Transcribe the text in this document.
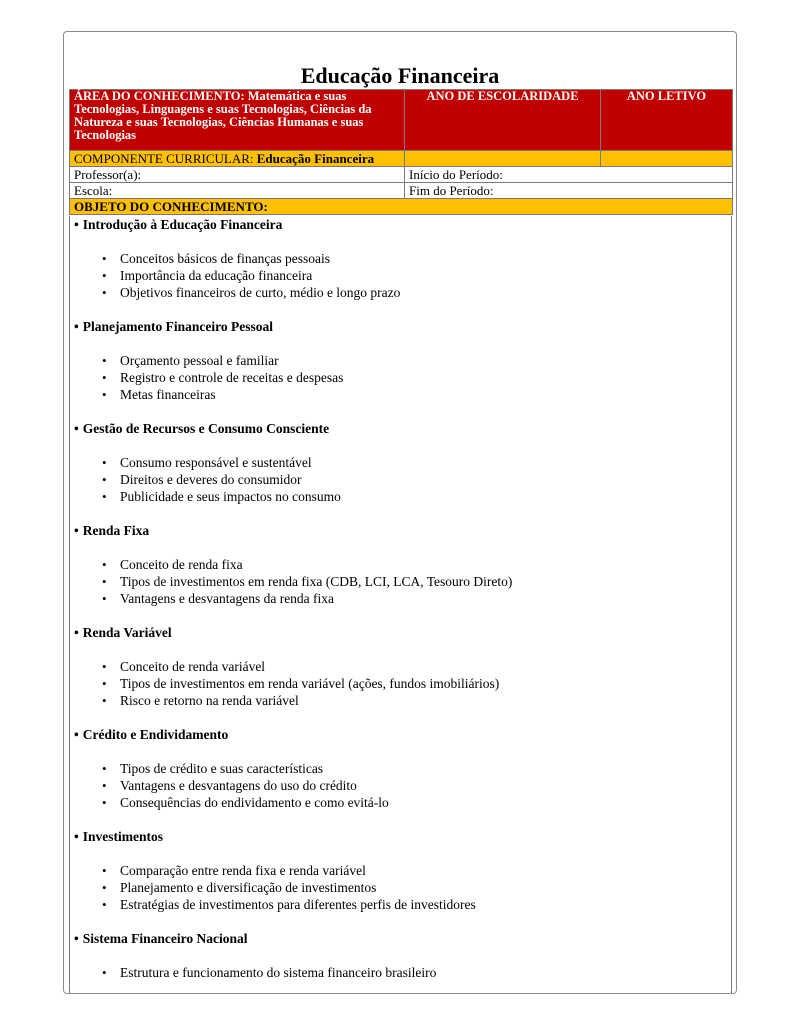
Educação Financeira
ÁREA DO CONHECIMENTO: Matemática e suas Tecnologias, Linguagens e suas Tecnologias, Ciências da Natureza e suas Tecnologias, Ciências Humanas e suas Tecnologias	ANO DE ESCOLARIDADE	ANO LETIVO
COMPONENTE CURRICULAR: Educação Financeira		
Professor(a):	Início do Período:	
Escola:	Fim do Período:	
OBJETO DO CONHECIMENTO:		

• Introdução à Educação Financeira

• Conceitos básicos de finanças pessoais
• Importância da educação financeira
• Objetivos financeiros de curto, médio e longo prazo

• Planejamento Financeiro Pessoal

• Orçamento pessoal e familiar
• Registro e controle de receitas e despesas
• Metas financeiras

• Gestão de Recursos e Consumo Consciente

• Consumo responsável e sustentável
• Direitos e deveres do consumidor
• Publicidade e seus impactos no consumo

• Renda Fixa

• Conceito de renda fixa
• Tipos de investimentos em renda fixa (CDB, LCI, LCA, Tesouro Direto)
• Vantagens e desvantagens da renda fixa

• Renda Variável

• Conceito de renda variável
• Tipos de investimentos em renda variável (ações, fundos imobiliários)
• Risco e retorno na renda variável

• Crédito e Endividamento

• Tipos de crédito e suas características
• Vantagens e desvantagens do uso do crédito
• Consequências do endividamento e como evitá-lo

• Investimentos

• Comparação entre renda fixa e renda variável
• Planejamento e diversificação de investimentos
• Estratégias de investimentos para diferentes perfis de investidores

• Sistema Financeiro Nacional

• Estrutura e funcionamento do sistema financeiro brasileiro
